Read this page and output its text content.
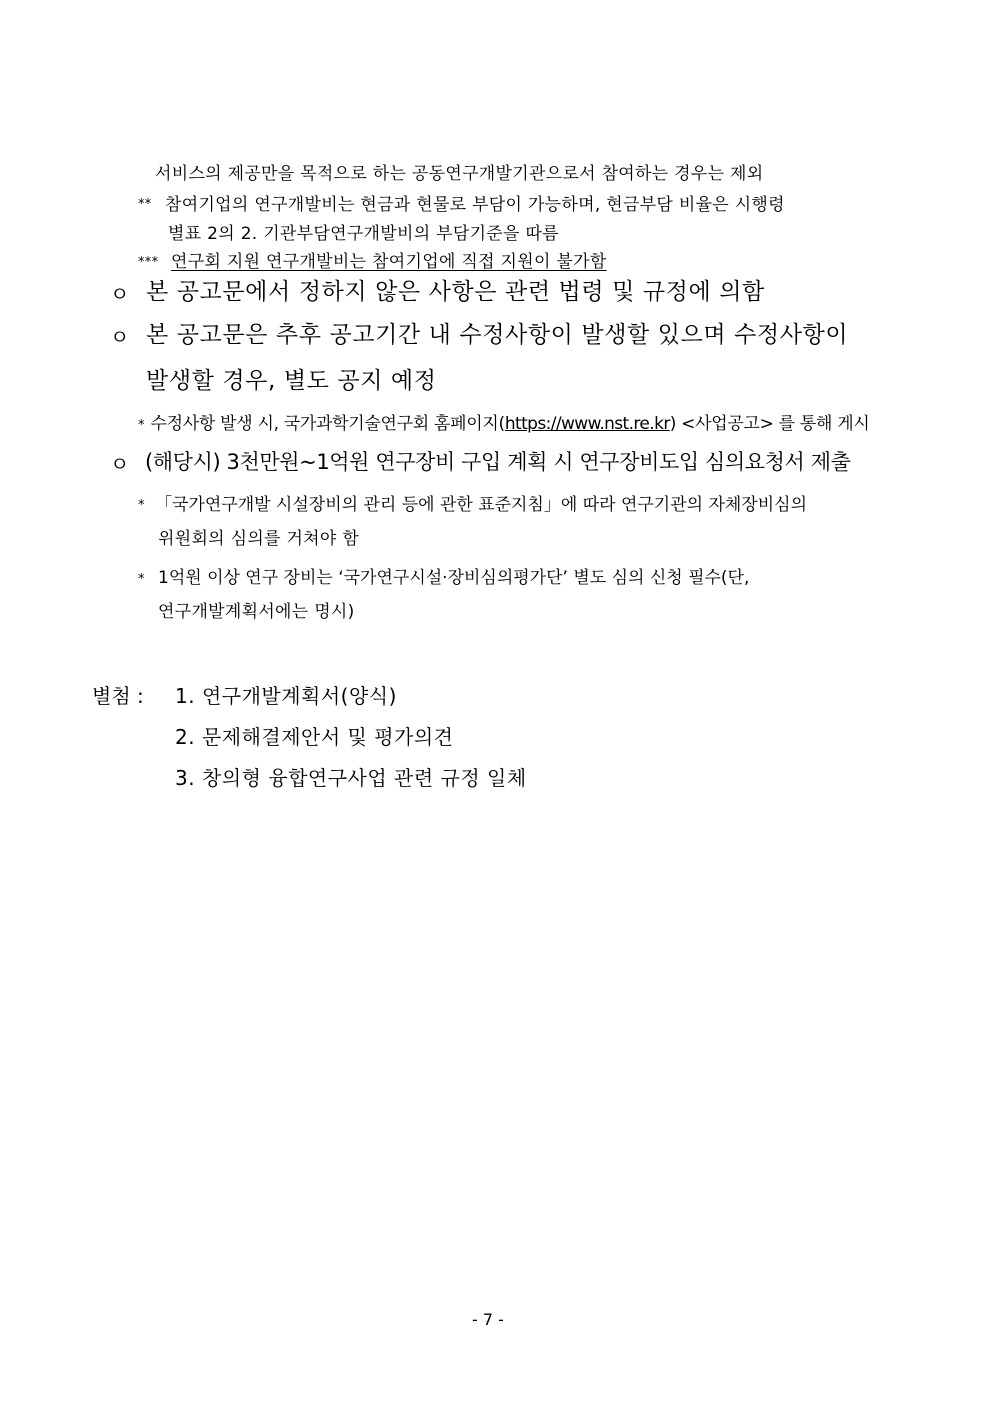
서비스의 제공만을 목적으로 하는 공동연구개발기관으로서 참여하는 경우는 제외
** 참여기업의 연구개발비는 현금과 현물로 부담이 가능하며, 현금부담 비율은 시행령
별표 2의 2. 기관부담연구개발비의 부담기준을 따름
*** 연구회 지원 연구개발비는 참여기업에 직접 지원이 불가함
ㅇ 본 공고문에서 정하지 않은 사항은 관련 법령 및 규정에 의함
ㅇ 본 공고문은 추후 공고기간 내 수정사항이 발생할 있으며 수정사항이
발생할 경우, 별도 공지 예정
* 수정사항 발생 시, 국가과학기술연구회 홈페이지(https://www.nst.re.kr) <사업공고> 를 통해 게시
ㅇ (해당시) 3천만원~1억원 연구장비 구입 계획 시 연구장비도입 심의요청서 제출
* 「국가연구개발 시설장비의 관리 등에 관한 표준지침」에 따라 연구기관의 자체장비심의
위원회의 심의를 거쳐야 함
* 1억원 이상 연구 장비는 ‘국가연구시설·장비심의평가단’ 별도 심의 신청 필수(단,
연구개발계획서에는 명시)
별첨 : 1. 연구개발계획서(양식)
2. 문제해결제안서 및 평가의견
3. 창의형 융합연구사업 관련 규정 일체
- 7 -
